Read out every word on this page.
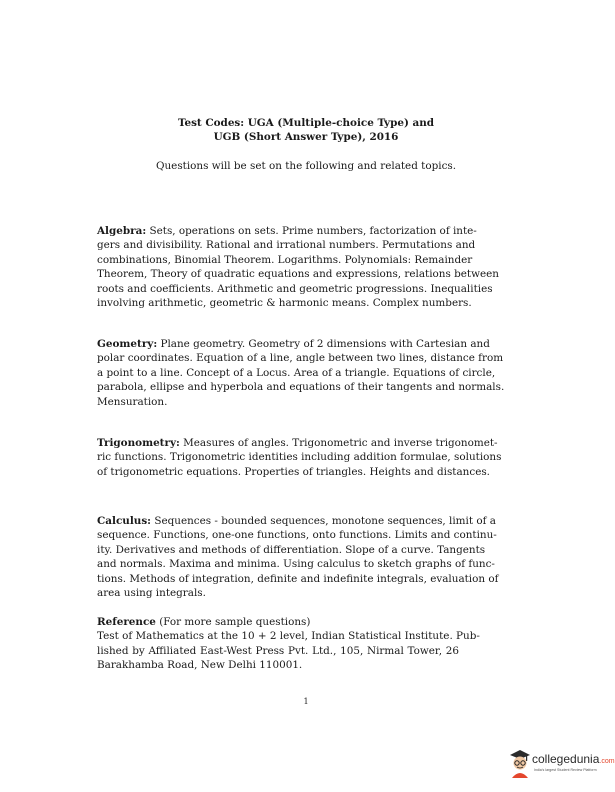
Test Codes: UGA (Multiple-choice Type) and
UGB (Short Answer Type), 2016
Questions will be set on the following and related topics.
Algebra: Sets, operations on sets. Prime numbers, factorization of inte-
gers and divisibility. Rational and irrational numbers. Permutations and
combinations, Binomial Theorem. Logarithms. Polynomials: Remainder
Theorem, Theory of quadratic equations and expressions, relations between
roots and coefficients. Arithmetic and geometric progressions. Inequalities
involving arithmetic, geometric & harmonic means. Complex numbers.
Geometry: Plane geometry. Geometry of 2 dimensions with Cartesian and
polar coordinates. Equation of a line, angle between two lines, distance from
a point to a line. Concept of a Locus. Area of a triangle. Equations of circle,
parabola, ellipse and hyperbola and equations of their tangents and normals.
Mensuration.
Trigonometry: Measures of angles. Trigonometric and inverse trigonomet-
ric functions. Trigonometric identities including addition formulae, solutions
of trigonometric equations. Properties of triangles. Heights and distances.
Calculus: Sequences - bounded sequences, monotone sequences, limit of a
sequence. Functions, one-one functions, onto functions. Limits and continu-
ity. Derivatives and methods of differentiation. Slope of a curve. Tangents
and normals. Maxima and minima. Using calculus to sketch graphs of func-
tions. Methods of integration, definite and indefinite integrals, evaluation of
area using integrals.
Reference (For more sample questions)
Test of Mathematics at the 10 + 2 level, Indian Statistical Institute. Pub-
lished by Affiliated East-West Press Pvt. Ltd., 105, Nirmal Tower, 26
Barakhamba Road, New Delhi 110001.
1
collegedunia.com
India's largest Student Review Platform
